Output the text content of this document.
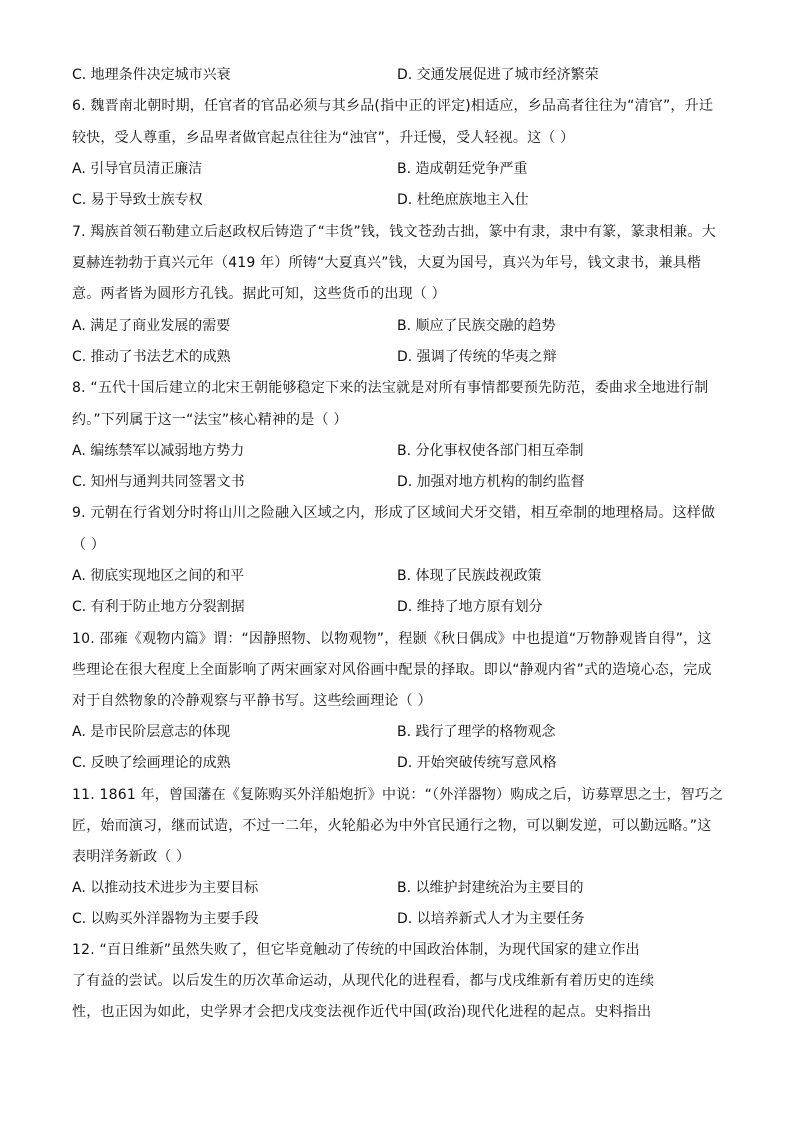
C. 地理条件决定城市兴衰	D. 交通发展促进了城市经济繁荣
6. 魏晋南北朝时期，任官者的官品必须与其乡品(指中正的评定)相适应，乡品高者往往为“清官”，升迁
较快，受人尊重，乡品卑者做官起点往往为“浊官”，升迁慢，受人轻视。这（ ）
A. 引导官员清正廉洁	B. 造成朝廷党争严重
C. 易于导致士族专权	D. 杜绝庶族地主入仕
7. 羯族首领石勒建立后赵政权后铸造了“丰货”钱，钱文苍劲古拙，篆中有隶，隶中有篆，篆隶相兼。大
夏赫连勃勃于真兴元年（419 年）所铸“大夏真兴”钱，大夏为国号，真兴为年号，钱文隶书，兼具楷
意。两者皆为圆形方孔钱。据此可知，这些货币的出现（ ）
A. 满足了商业发展的需要	B. 顺应了民族交融的趋势
C. 推动了书法艺术的成熟	D. 强调了传统的华夷之辩
8. “五代十国后建立的北宋王朝能够稳定下来的法宝就是对所有事情都要预先防范，委曲求全地进行制
约。”下列属于这一“法宝”核心精神的是（ ）
A. 编练禁军以减弱地方势力	B. 分化事权使各部门相互牵制
C. 知州与通判共同签署文书	D. 加强对地方机构的制约监督
9. 元朝在行省划分时将山川之险融入区域之内，形成了区域间犬牙交错，相互牵制的地理格局。这样做
（ ）
A. 彻底实现地区之间的和平	B. 体现了民族歧视政策
C. 有利于防止地方分裂割据	D. 维持了地方原有划分
10. 邵雍《观物内篇》谓：“因静照物、以物观物”，程颢《秋日偶成》中也提道“万物静观皆自得”，这
些理论在很大程度上全面影响了两宋画家对风俗画中配景的择取。即以“静观内省”式的造境心态，完成
对于自然物象的冷静观察与平静书写。这些绘画理论（ ）
A. 是市民阶层意志的体现	B. 践行了理学的格物观念
C. 反映了绘画理论的成熟	D. 开始突破传统写意风格
11. 1861 年，曾国藩在《复陈购买外洋船炮折》中说：“（外洋器物）购成之后，访募覃思之士，智巧之
匠，始而演习，继而试造，不过一二年，火轮船必为中外官民通行之物，可以剿发逆，可以勤远略。”这
表明洋务新政（ ）
A. 以推动技术进步为主要目标	B. 以维护封建统治为主要目的
C. 以购买外洋器物为主要手段	D. 以培养新式人才为主要任务
12. “百日维新”虽然失败了，但它毕竟触动了传统的中国政治体制，为现代国家的建立作出
了有益的尝试。以后发生的历次革命运动，从现代化的进程看，都与戊戌维新有着历史的连续
性，也正因为如此，史学界才会把戊戌变法视作近代中国(政治)现代化进程的起点。史料指出
